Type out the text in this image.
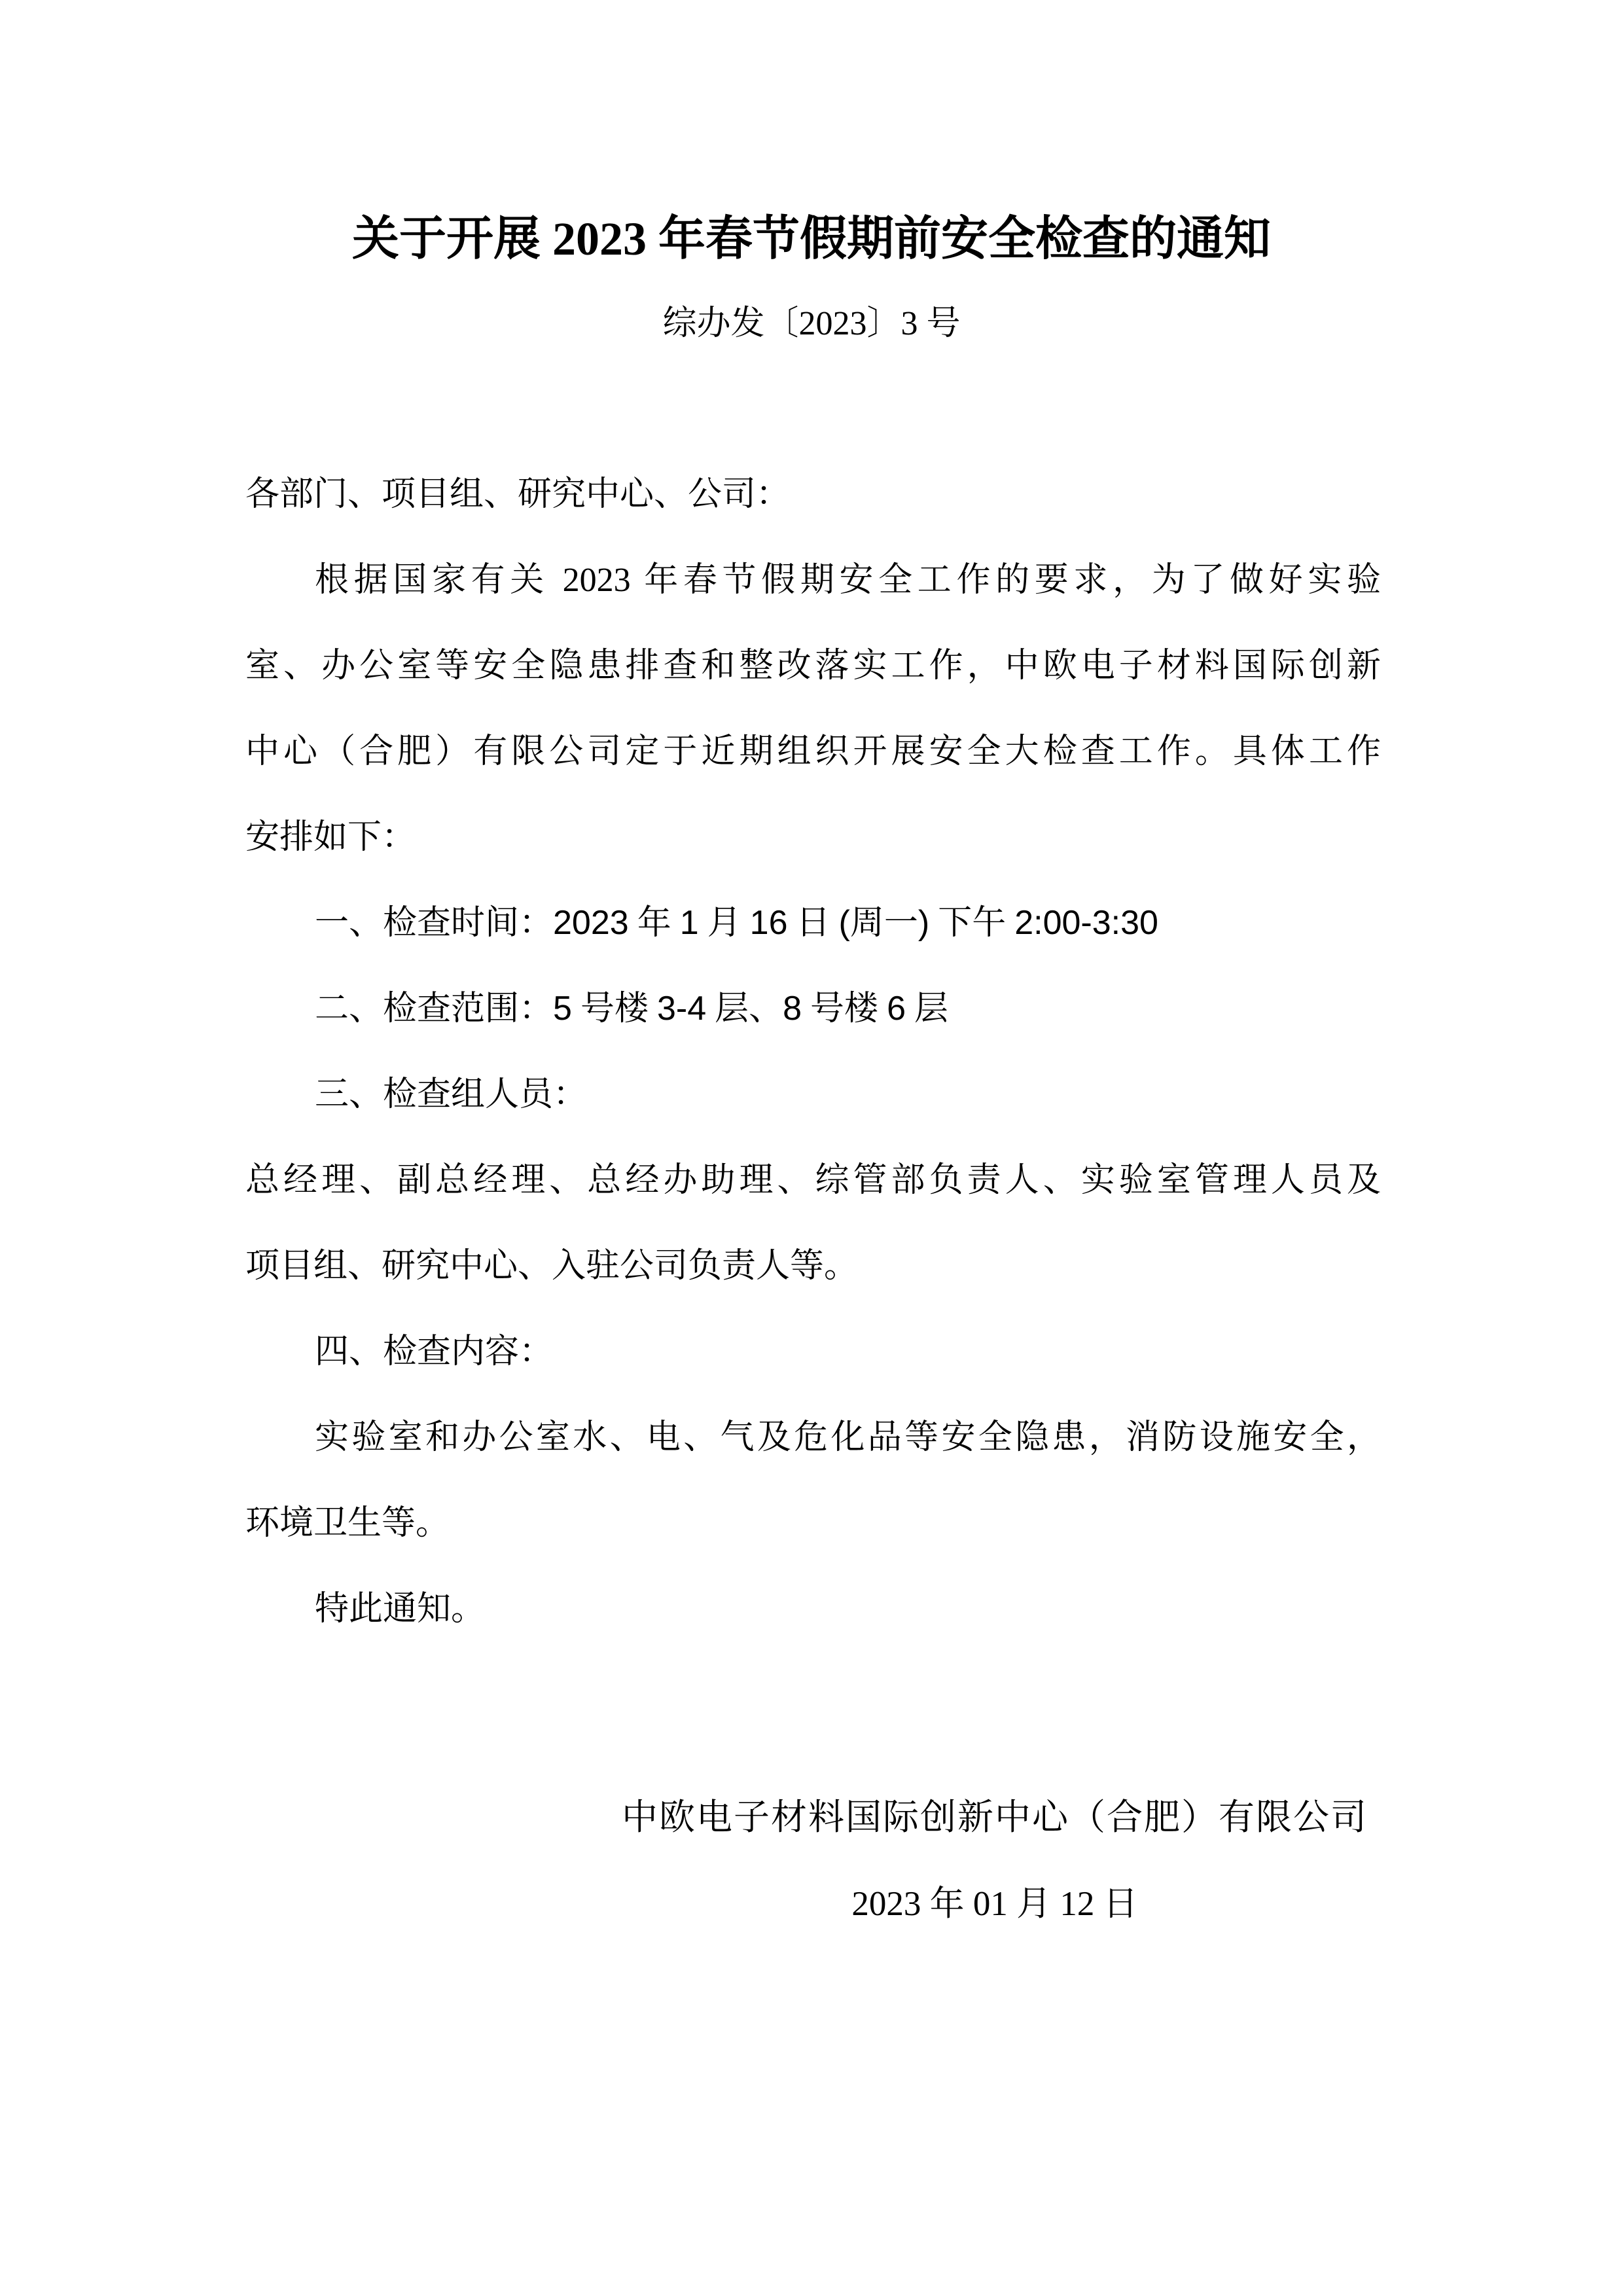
关于开展 2023 年春节假期前安全检查的通知
综办发〔2023〕3 号
各部门、项目组、研究中心、公司：
根据国家有关 2023 年春节假期安全工作的要求，为了做好实验
室、办公室等安全隐患排查和整改落实工作，中欧电子材料国际创新
中心（合肥）有限公司定于近期组织开展安全大检查工作。具体工作
安排如下：
一、检查时间：2023 年 1 月 16 日 (周一) 下午 2:00-3:30
二、检查范围：5 号楼 3-4 层、8 号楼 6 层
三、检查组人员：
总经理、副总经理、总经办助理、综管部负责人、实验室管理人员及
项目组、研究中心、入驻公司负责人等。
四、检查内容：
实验室和办公室水、电、气及危化品等安全隐患，消防设施安全，
环境卫生等。
特此通知。
中欧电子材料国际创新中心（合肥）有限公司
2023 年 01 月 12 日
